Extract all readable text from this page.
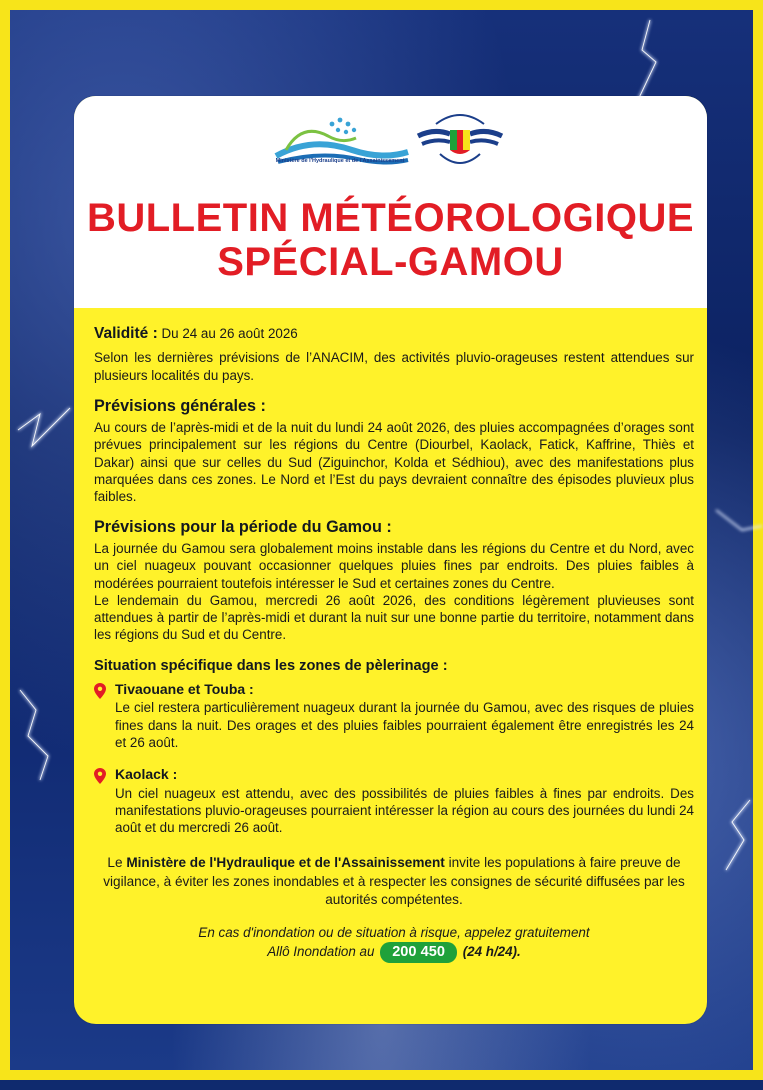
Ministère de l'Hydraulique et de l'Assainissement
BULLETIN MÉTÉOROLOGIQUE
SPÉCIAL-GAMOU

Validité : Du 24 au 26 août 2026

Selon les dernières prévisions de l’ANACIM, des activités pluvio-orageuses restent attendues sur plusieurs localités du pays.

Prévisions générales :

Au cours de l’après-midi et de la nuit du lundi 24 août 2026, des pluies accompagnées d’orages sont prévues principalement sur les régions du Centre (Diourbel, Kaolack, Fatick, Kaffrine, Thiès et Dakar) ainsi que sur celles du Sud (Ziguinchor, Kolda et Sédhiou), avec des manifestations plus marquées dans ces zones. Le Nord et l’Est du pays devraient connaître des épisodes pluvieux plus faibles.

Prévisions pour la période du Gamou :

La journée du Gamou sera globalement moins instable dans les régions du Centre et du Nord, avec un ciel nuageux pouvant occasionner quelques pluies fines par endroits. Des pluies faibles à modérées pourraient toutefois intéresser le Sud et certaines zones du Centre.

Le lendemain du Gamou, mercredi 26 août 2026, des conditions légèrement pluvieuses sont attendues à partir de l’après-midi et durant la nuit sur une bonne partie du territoire, notamment dans les régions du Sud et du Centre.

Situation spécifique dans les zones de pèlerinage :

Tivaouane et Touba :

Le ciel restera particulièrement nuageux durant la journée du Gamou, avec des risques de pluies fines dans la nuit. Des orages et des pluies faibles pourraient également être enregistrés les 24 et 26 août.

Kaolack :

Un ciel nuageux est attendu, avec des possibilités de pluies faibles à fines par endroits. Des manifestations pluvio-orageuses pourraient intéresser la région au cours des journées du lundi 24 août et du mercredi 26 août.

Le Ministère de l'Hydraulique et de l'Assainissement invite les populations à faire preuve de vigilance, à éviter les zones inondables et à respecter les consignes de sécurité diffusées par les autorités compétentes.

En cas d'inondation ou de situation à risque, appelez gratuitement
Allô Inondation au 200 450 (24 h/24).
